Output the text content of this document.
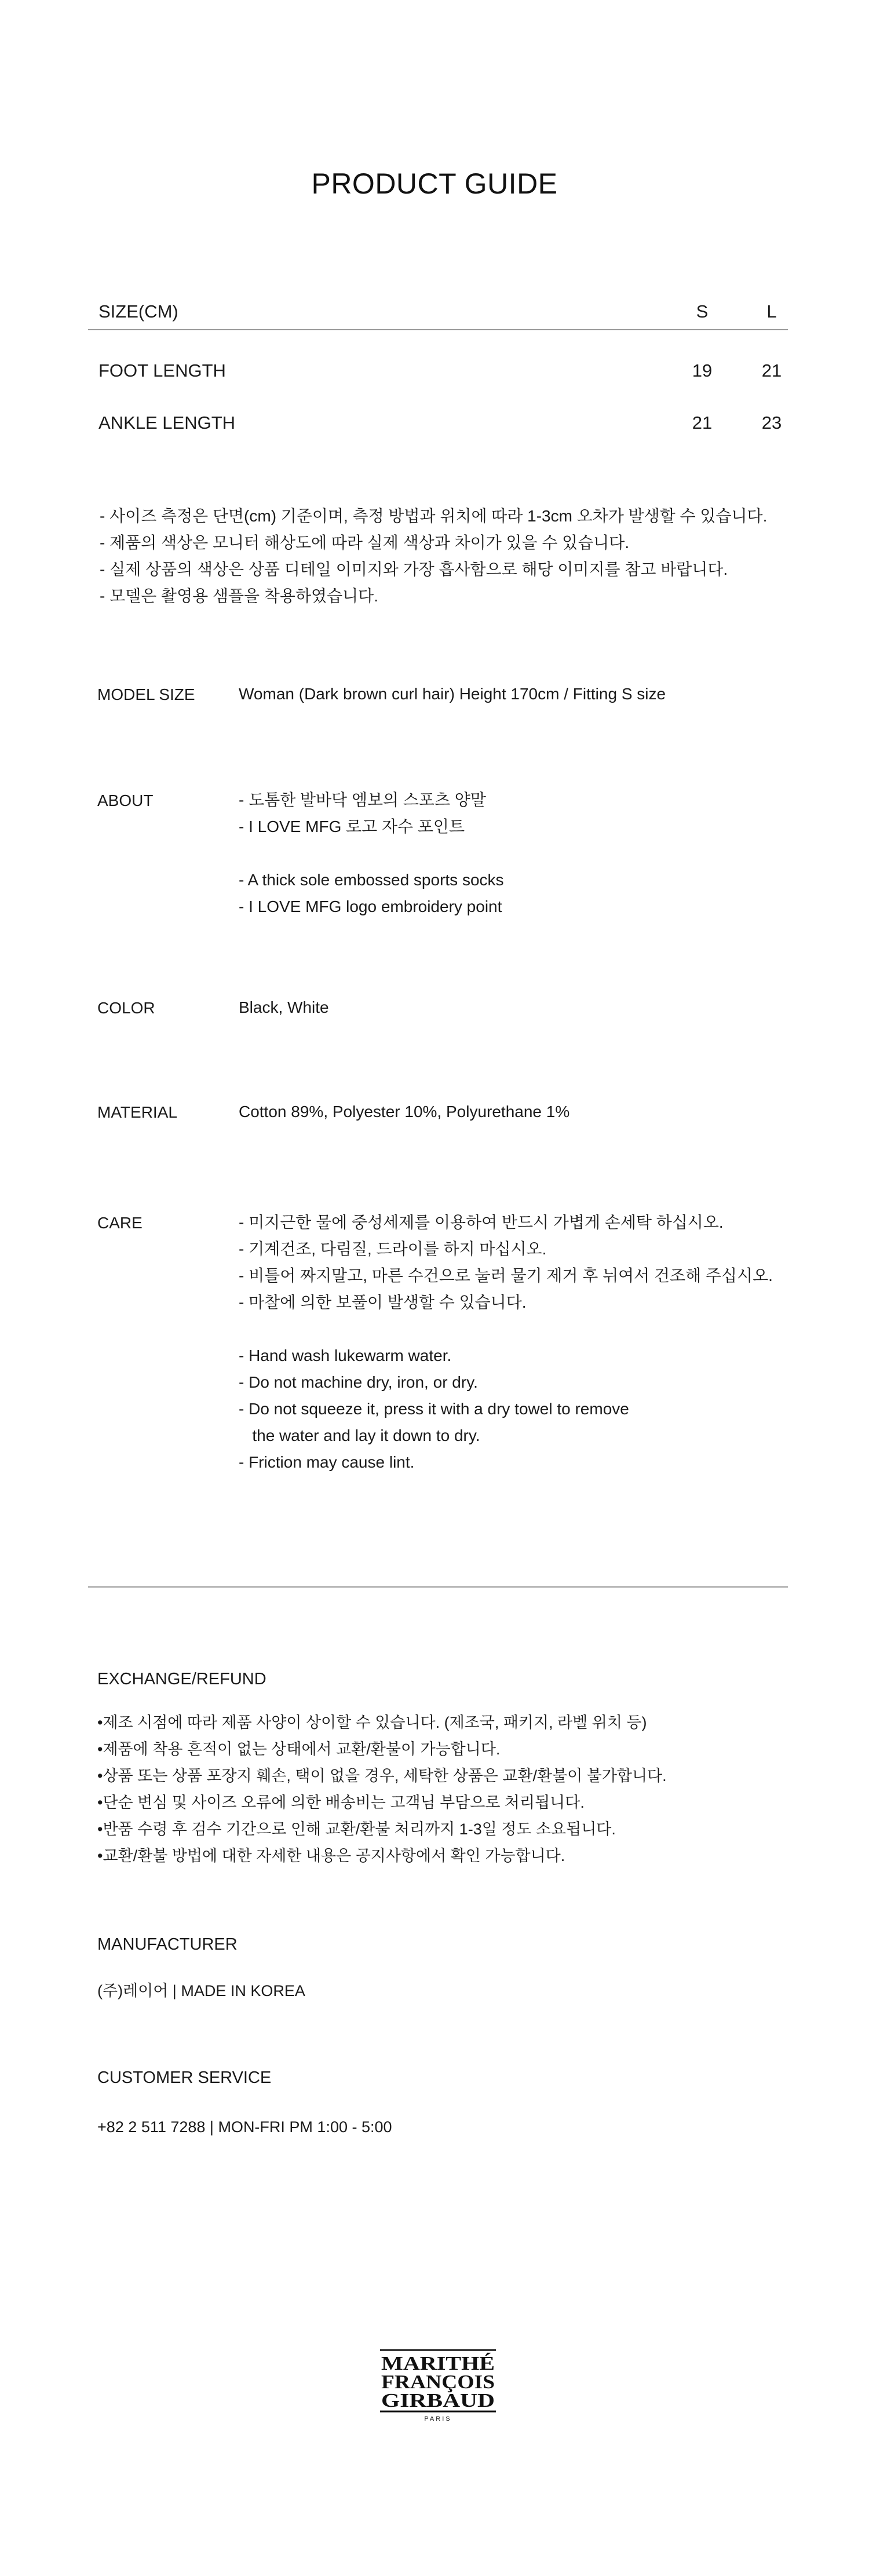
PRODUCT GUIDE
SIZE(CM)	S	L
FOOT LENGTH	19	21
ANKLE LENGTH	21	23
- 사이즈 측정은 단면(cm) 기준이며, 측정 방법과 위치에 따라 1-3cm 오차가 발생할 수 있습니다.
- 제품의 색상은 모니터 해상도에 따라 실제 색상과 차이가 있을 수 있습니다.
- 실제 상품의 색상은 상품 디테일 이미지와 가장 흡사함으로 해당 이미지를 참고 바랍니다.
- 모델은 촬영용 샘플을 착용하였습니다.
MODEL SIZE	Woman (Dark brown curl hair) Height 170cm / Fitting S size
ABOUT	- 도톰한 발바닥 엠보의 스포츠 양말
- I LOVE MFG 로고 자수 포인트
- A thick sole embossed sports socks
- I LOVE MFG logo embroidery point
COLOR	Black, White
MATERIAL	Cotton 89%, Polyester 10%, Polyurethane 1%
CARE	- 미지근한 물에 중성세제를 이용하여 반드시 가볍게 손세탁 하십시오.
- 기계건조, 다림질, 드라이를 하지 마십시오.
- 비틀어 짜지말고, 마른 수건으로 눌러 물기 제거 후 뉘여서 건조해 주십시오.
- 마찰에 의한 보풀이 발생할 수 있습니다.
- Hand wash lukewarm water.
- Do not machine dry, iron, or dry.
- Do not squeeze it, press it with a dry towel to remove
the water and lay it down to dry.
- Friction may cause lint.
EXCHANGE/REFUND
•제조 시점에 따라 제품 사양이 상이할 수 있습니다. (제조국, 패키지, 라벨 위치 등)
•제품에 착용 흔적이 없는 상태에서 교환/환불이 가능합니다.
•상품 또는 상품 포장지 훼손, 택이 없을 경우, 세탁한 상품은 교환/환불이 불가합니다.
•단순 변심 및 사이즈 오류에 의한 배송비는 고객님 부담으로 처리됩니다.
•반품 수령 후 검수 기간으로 인해 교환/환불 처리까지 1-3일 정도 소요됩니다.
•교환/환불 방법에 대한 자세한 내용은 공지사항에서 확인 가능합니다.
MANUFACTURER
(주)레이어 | MADE IN KOREA
CUSTOMER SERVICE
+82 2 511 7288 | MON-FRI PM 1:00 - 5:00
MARITHÉ
FRANÇOIS
GIRBAUD
PARIS
